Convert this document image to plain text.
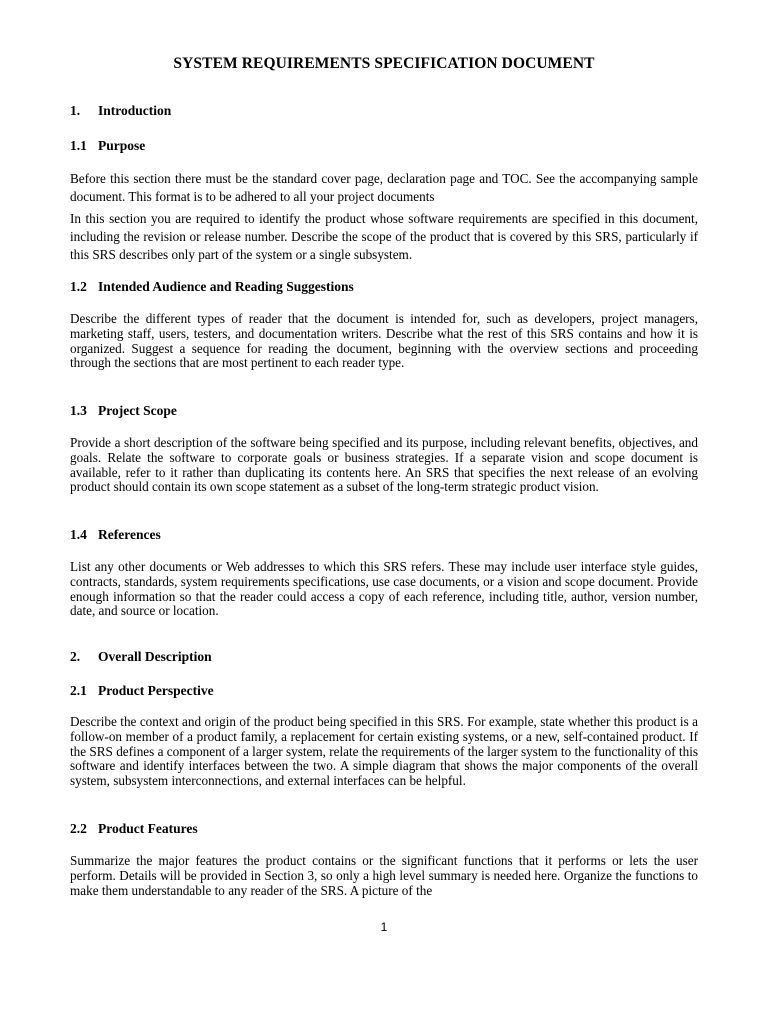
SYSTEM REQUIREMENTS SPECIFICATION DOCUMENT
1. Introduction
1.1 Purpose
Before this section there must be the standard cover page, declaration page and TOC. See the accompanying sample document. This format is to be adhered to all your project documents
In this section you are required to identify the product whose software requirements are specified in this document, including the revision or release number. Describe the scope of the product that is covered by this SRS, particularly if this SRS describes only part of the system or a single subsystem.
1.2 Intended Audience and Reading Suggestions
Describe the different types of reader that the document is intended for, such as developers, project managers, marketing staff, users, testers, and documentation writers. Describe what the rest of this SRS contains and how it is organized. Suggest a sequence for reading the document, beginning with the overview sections and proceeding through the sections that are most pertinent to each reader type.
1.3 Project Scope
Provide a short description of the software being specified and its purpose, including relevant benefits, objectives, and goals. Relate the software to corporate goals or business strategies. If a separate vision and scope document is available, refer to it rather than duplicating its contents here. An SRS that specifies the next release of an evolving product should contain its own scope statement as a subset of the long-term strategic product vision.
1.4 References
List any other documents or Web addresses to which this SRS refers. These may include user interface style guides, contracts, standards, system requirements specifications, use case documents, or a vision and scope document. Provide enough information so that the reader could access a copy of each reference, including title, author, version number, date, and source or location.
2. Overall Description
2.1 Product Perspective
Describe the context and origin of the product being specified in this SRS. For example, state whether this product is a follow-on member of a product family, a replacement for certain existing systems, or a new, self-contained product. If the SRS defines a component of a larger system, relate the requirements of the larger system to the functionality of this software and identify interfaces between the two. A simple diagram that shows the major components of the overall system, subsystem interconnections, and external interfaces can be helpful.
2.2 Product Features
Summarize the major features the product contains or the significant functions that it performs or lets the user perform. Details will be provided in Section 3, so only a high level summary is needed here. Organize the functions to make them understandable to any reader of the SRS. A picture of the
1
